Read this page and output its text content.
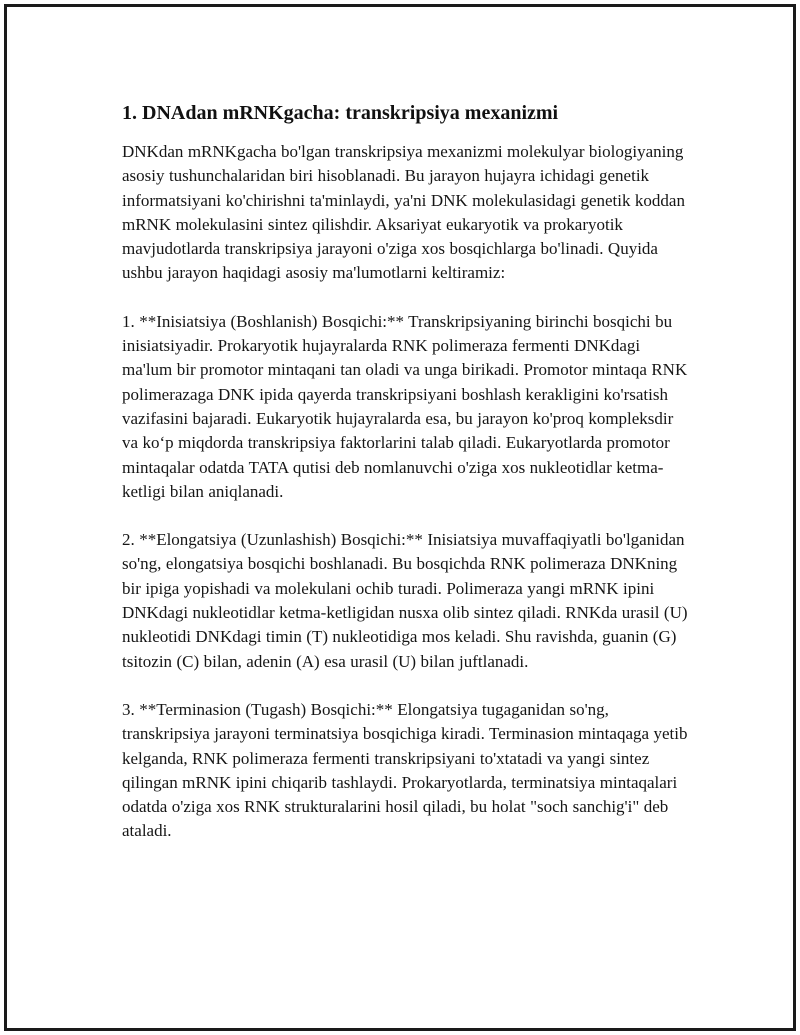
1. DNAdan mRNKgacha: transkripsiya mexanizmi

DNKdan mRNKgacha bo'lgan transkripsiya mexanizmi molekulyar biologiyaning asosiy tushunchalaridan biri hisoblanadi. Bu jarayon hujayra ichidagi genetik informatsiyani ko'chirishni ta'minlaydi, ya'ni DNK molekulasidagi genetik koddan mRNK molekulasini sintez qilishdir. Aksariyat eukaryotik va prokaryotik mavjudotlarda transkripsiya jarayoni o'ziga xos bosqichlarga bo'linadi. Quyida ushbu jarayon haqidagi asosiy ma'lumotlarni keltiramiz:

1. **Inisiatsiya (Boshlanish) Bosqichi:** Transkripsiyaning birinchi bosqichi bu inisiatsiyadir. Prokaryotik hujayralarda RNK polimeraza fermenti DNKdagi ma'lum bir promotor mintaqani tan oladi va unga birikadi. Promotor mintaqa RNK polimerazaga DNK ipida qayerda transkripsiyani boshlash kerakligini ko'rsatish vazifasini bajaradi. Eukaryotik hujayralarda esa, bu jarayon ko'proq kompleksdir va ko‘p miqdorda transkripsiya faktorlarini talab qiladi. Eukaryotlarda promotor mintaqalar odatda TATA qutisi deb nomlanuvchi o'ziga xos nukleotidlar ketma-ketligi bilan aniqlanadi.

2. **Elongatsiya (Uzunlashish) Bosqichi:** Inisiatsiya muvaffaqiyatli bo'lganidan so'ng, elongatsiya bosqichi boshlanadi. Bu bosqichda RNK polimeraza DNKning bir ipiga yopishadi va molekulani ochib turadi. Polimeraza yangi mRNK ipini DNKdagi nukleotidlar ketma-ketligidan nusxa olib sintez qiladi. RNKda urasil (U) nukleotidi DNKdagi timin (T) nukleotidiga mos keladi. Shu ravishda, guanin (G) tsitozin (C) bilan, adenin (A) esa urasil (U) bilan juftlanadi.

3. **Terminasion (Tugash) Bosqichi:** Elongatsiya tugaganidan so'ng, transkripsiya jarayoni terminatsiya bosqichiga kiradi. Terminasion mintaqaga yetib kelganda, RNK polimeraza fermenti transkripsiyani to'xtatadi va yangi sintez qilingan mRNK ipini chiqarib tashlaydi. Prokaryotlarda, terminatsiya mintaqalari odatda o'ziga xos RNK strukturalarini hosil qiladi, bu holat "soch sanchig'i" deb ataladi.
